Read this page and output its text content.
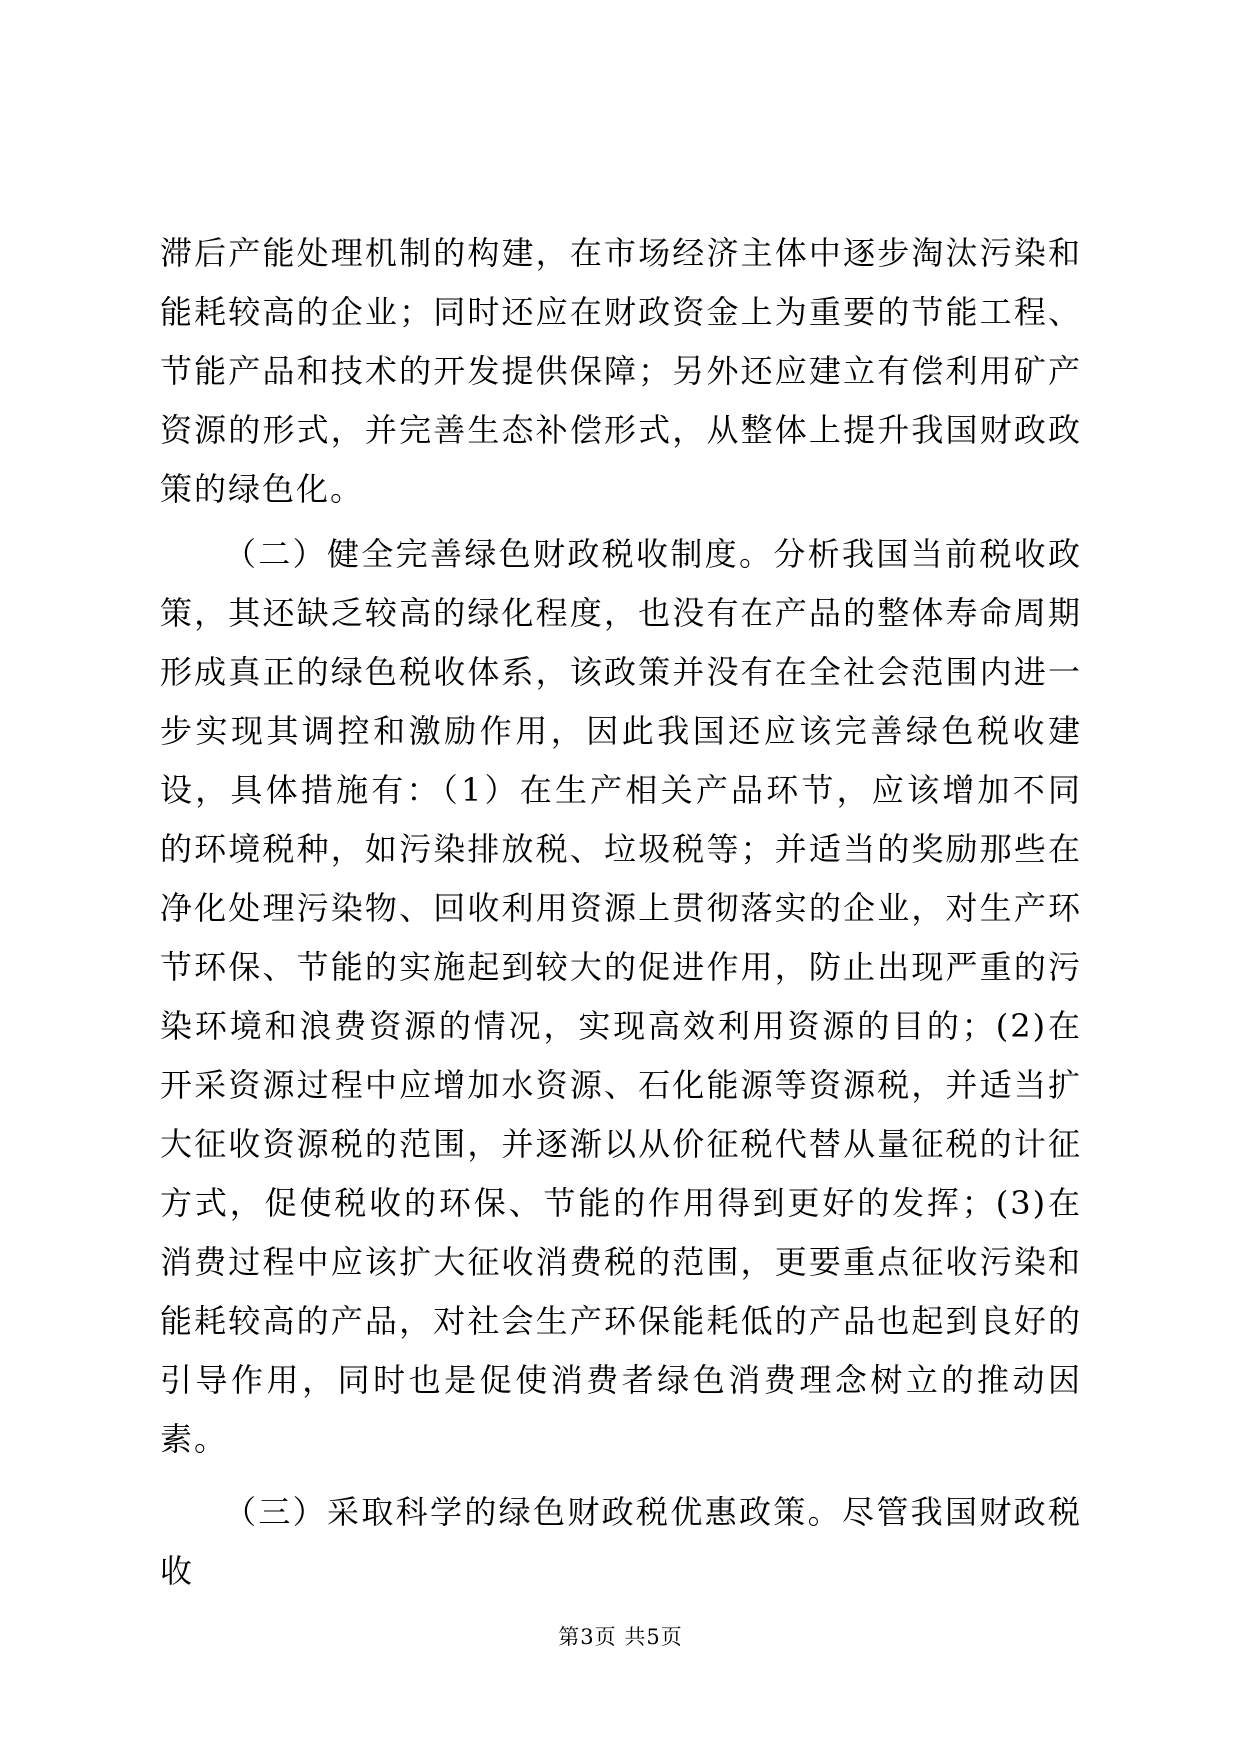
滞后产能处理机制的构建，在市场经济主体中逐步淘汰污染和能耗较高的企业；同时还应在财政资金上为重要的节能工程、节能产品和技术的开发提供保障；另外还应建立有偿利用矿产资源的形式，并完善生态补偿形式，从整体上提升我国财政政策的绿色化。

（二）健全完善绿色财政税收制度。分析我国当前税收政策，其还缺乏较高的绿化程度，也没有在产品的整体寿命周期形成真正的绿色税收体系，该政策并没有在全社会范围内进一步实现其调控和激励作用，因此我国还应该完善绿色税收建设，具体措施有：（1）在生产相关产品环节，应该增加不同的环境税种，如污染排放税、垃圾税等；并适当的奖励那些在净化处理污染物、回收利用资源上贯彻落实的企业，对生产环节环保、节能的实施起到较大的促进作用，防止出现严重的污染环境和浪费资源的情况，实现高效利用资源的目的；(2)在开采资源过程中应增加水资源、石化能源等资源税，并适当扩大征收资源税的范围，并逐渐以从价征税代替从量征税的计征方式，促使税收的环保、节能的作用得到更好的发挥；(3)在消费过程中应该扩大征收消费税的范围，更要重点征收污染和能耗较高的产品，对社会生产环保能耗低的产品也起到良好的引导作用，同时也是促使消费者绿色消费理念树立的推动因素。

（三）采取科学的绿色财政税优惠政策。尽管我国财政税收

第3页 共5页
